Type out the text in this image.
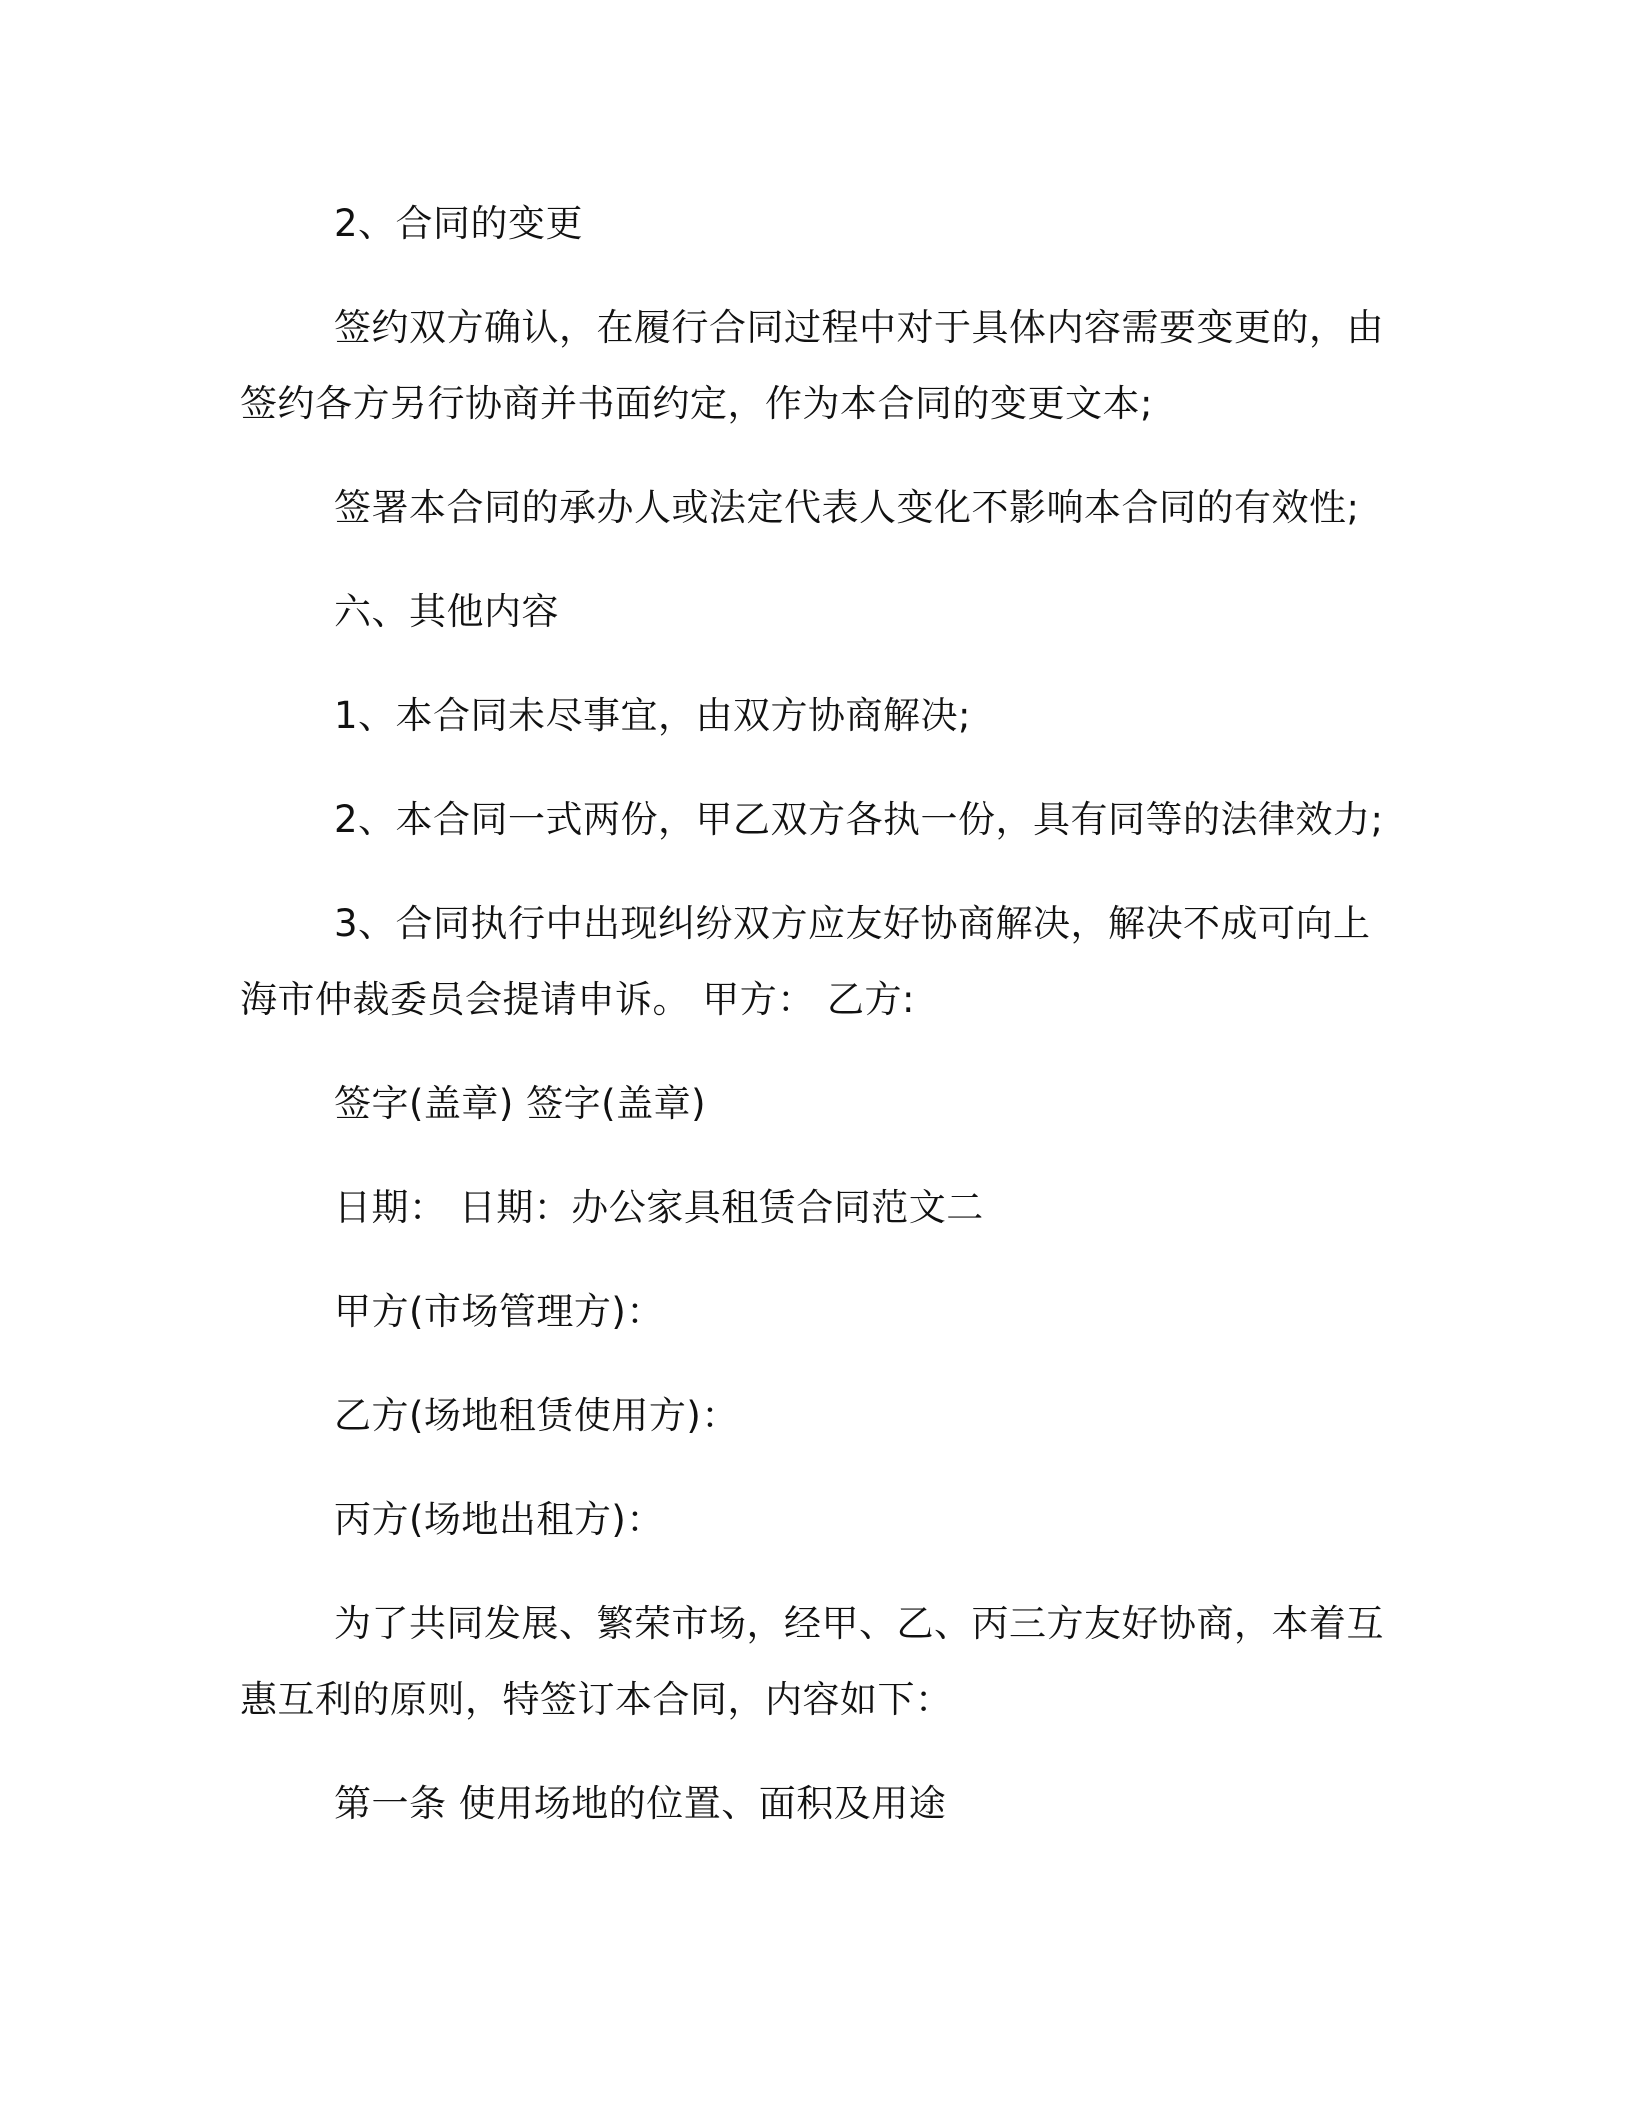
2、合同的变更

签约双方确认，在履行合同过程中对于具体内容需要变更的，由签约各方另行协商并书面约定，作为本合同的变更文本;

签署本合同的承办人或法定代表人变化不影响本合同的有效性;

六、其他内容

1、本合同未尽事宜，由双方协商解决;

2、本合同一式两份，甲乙双方各执一份，具有同等的法律效力;

3、合同执行中出现纠纷双方应友好协商解决，解决不成可向上海市仲裁委员会提请申诉。 甲方： 乙方:

签字(盖章) 签字(盖章)

日期： 日期：办公家具租赁合同范文二

甲方(市场管理方)：

乙方(场地租赁使用方)：

丙方(场地出租方)：

为了共同发展、繁荣市场，经甲、乙、丙三方友好协商，本着互惠互利的原则，特签订本合同，内容如下：

第一条 使用场地的位置、面积及用途
